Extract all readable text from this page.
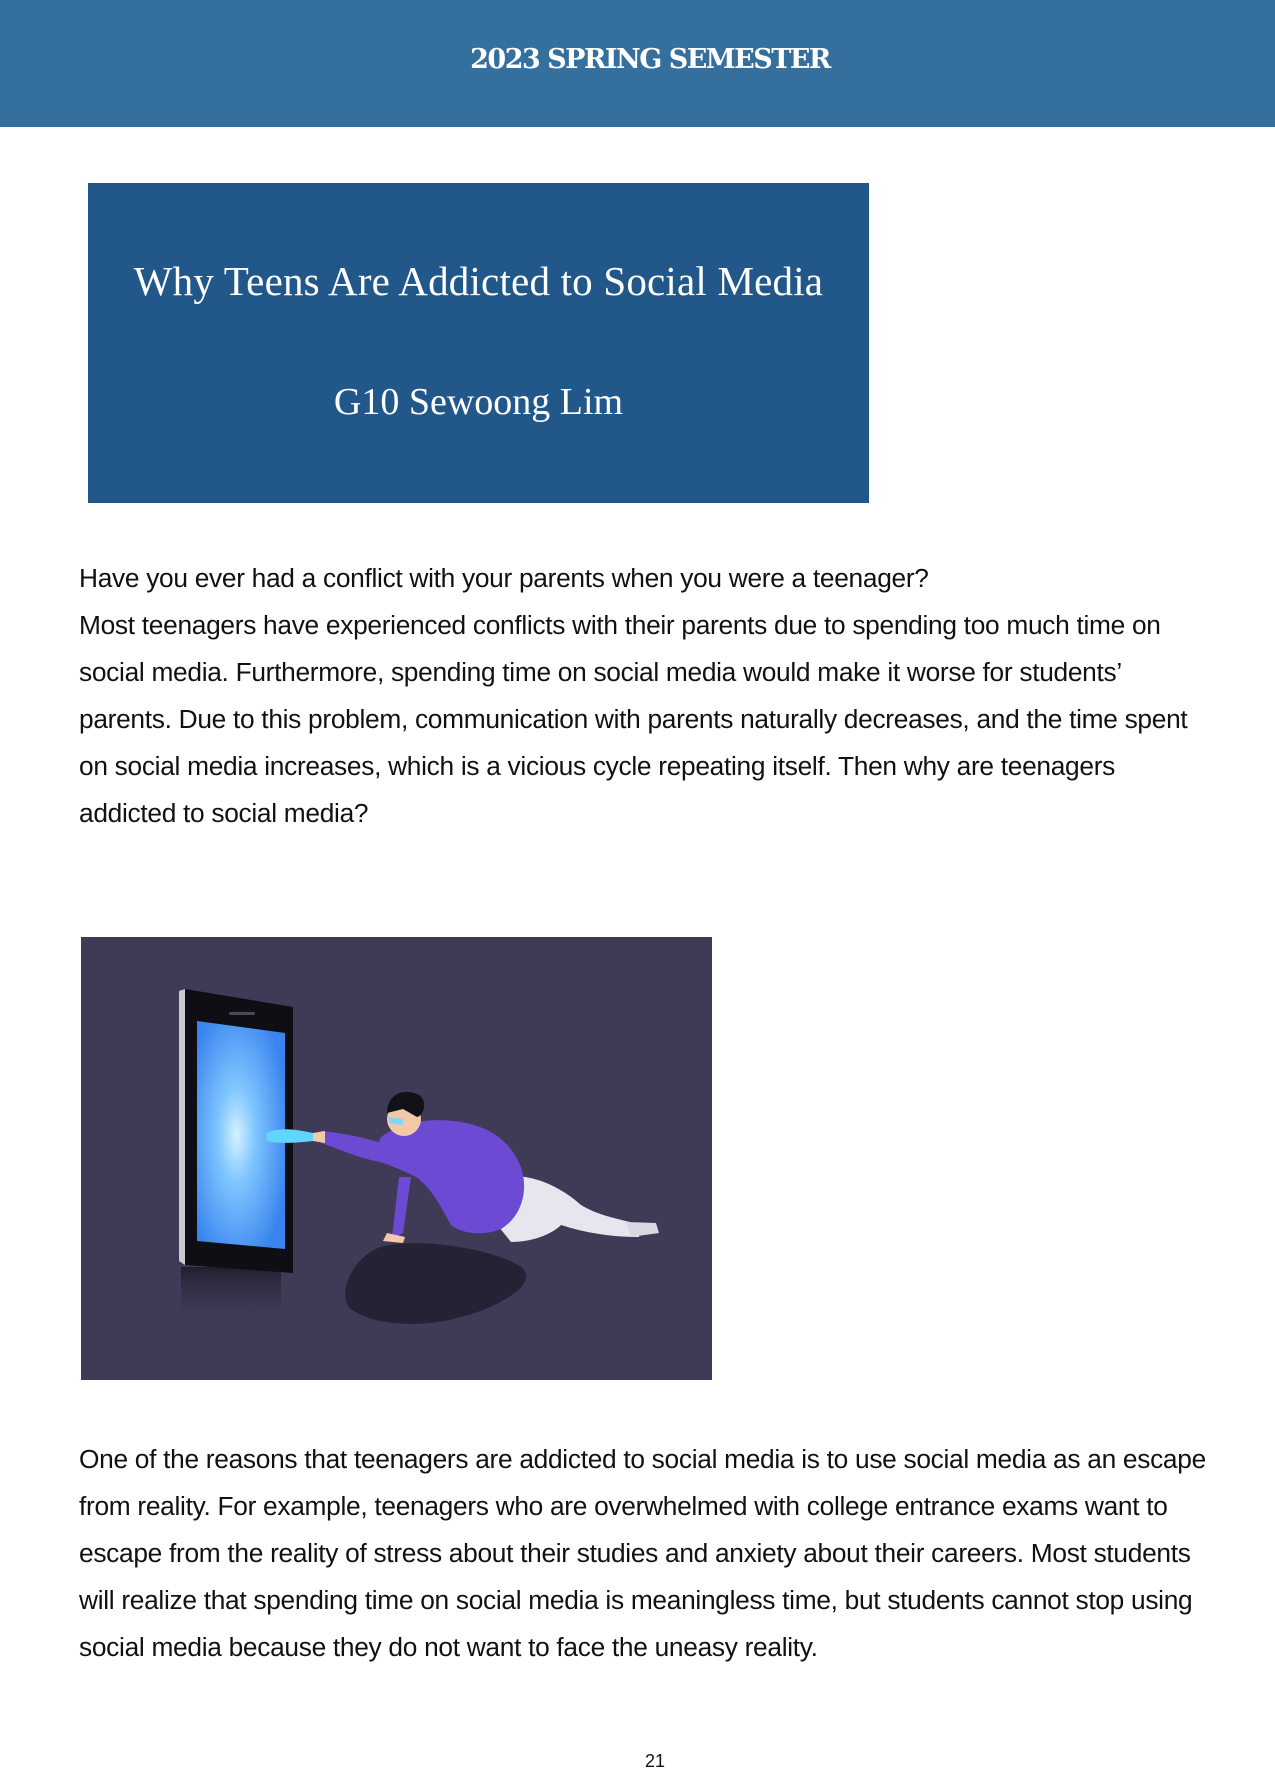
2023 SPRING SEMESTER
Why Teens Are Addicted to Social Media
G10 Sewoong Lim

Have you ever had a conflict with your parents when you were a teenager?
Most teenagers have experienced conflicts with their parents due to spending too much time on social media. Furthermore, spending time on social media would make it worse for students’ parents. Due to this problem, communication with parents naturally decreases, and the time spent on social media increases, which is a vicious cycle repeating itself. Then why are teenagers addicted to social media?

One of the reasons that teenagers are addicted to social media is to use social media as an escape from reality. For example, teenagers who are overwhelmed with college entrance exams want to escape from the reality of stress about their studies and anxiety about their careers. Most students will realize that spending time on social media is meaningless time, but students cannot stop using social media because they do not want to face the uneasy reality.

21
